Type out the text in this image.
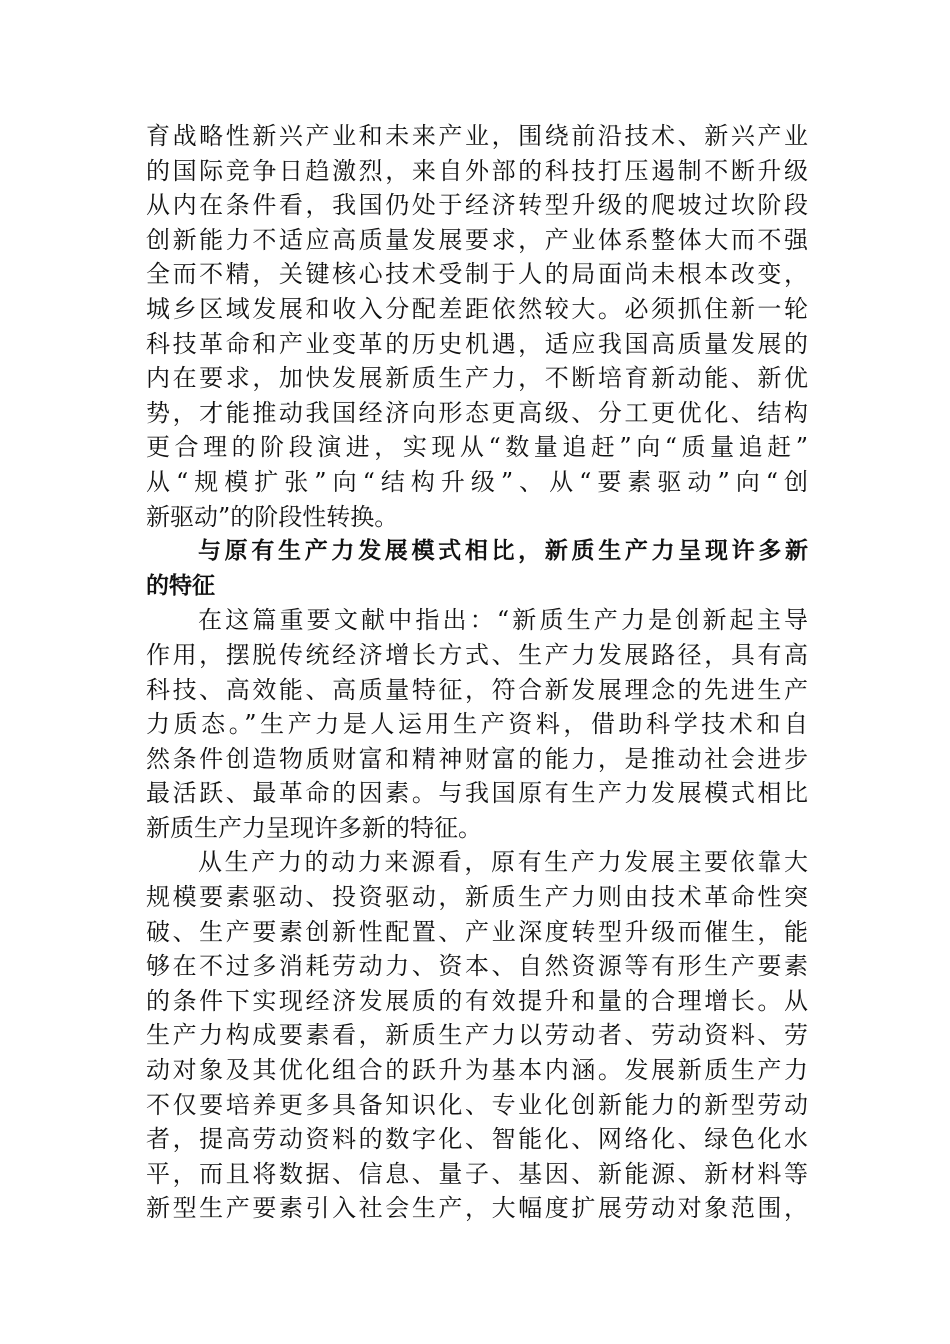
育战略性新兴产业和未来产业，围绕前沿技术、新兴产业
的国际竞争日趋激烈，来自外部的科技打压遏制不断升级
从内在条件看，我国仍处于经济转型升级的爬坡过坎阶段
创新能力不适应高质量发展要求，产业体系整体大而不强
全而不精，关键核心技术受制于人的局面尚未根本改变，
城乡区域发展和收入分配差距依然较大。必须抓住新一轮
科技革命和产业变革的历史机遇，适应我国高质量发展的
内在要求，加快发展新质生产力，不断培育新动能、新优
势，才能推动我国经济向形态更高级、分工更优化、结构
更合理的阶段演进，实现从“数量追赶”向“质量追赶”
从“规模扩张”向“结构升级”、从“要素驱动”向“创
新驱动”的阶段性转换。
与原有生产力发展模式相比，新质生产力呈现许多新
的特征
在这篇重要文献中指出：“新质生产力是创新起主导
作用，摆脱传统经济增长方式、生产力发展路径，具有高
科技、高效能、高质量特征，符合新发展理念的先进生产
力质态。”生产力是人运用生产资料，借助科学技术和自
然条件创造物质财富和精神财富的能力，是推动社会进步
最活跃、最革命的因素。与我国原有生产力发展模式相比
新质生产力呈现许多新的特征。
从生产力的动力来源看，原有生产力发展主要依靠大
规模要素驱动、投资驱动，新质生产力则由技术革命性突
破、生产要素创新性配置、产业深度转型升级而催生，能
够在不过多消耗劳动力、资本、自然资源等有形生产要素
的条件下实现经济发展质的有效提升和量的合理增长。从
生产力构成要素看，新质生产力以劳动者、劳动资料、劳
动对象及其优化组合的跃升为基本内涵。发展新质生产力
不仅要培养更多具备知识化、专业化创新能力的新型劳动
者，提高劳动资料的数字化、智能化、网络化、绿色化水
平，而且将数据、信息、量子、基因、新能源、新材料等
新型生产要素引入社会生产，大幅度扩展劳动对象范围，
